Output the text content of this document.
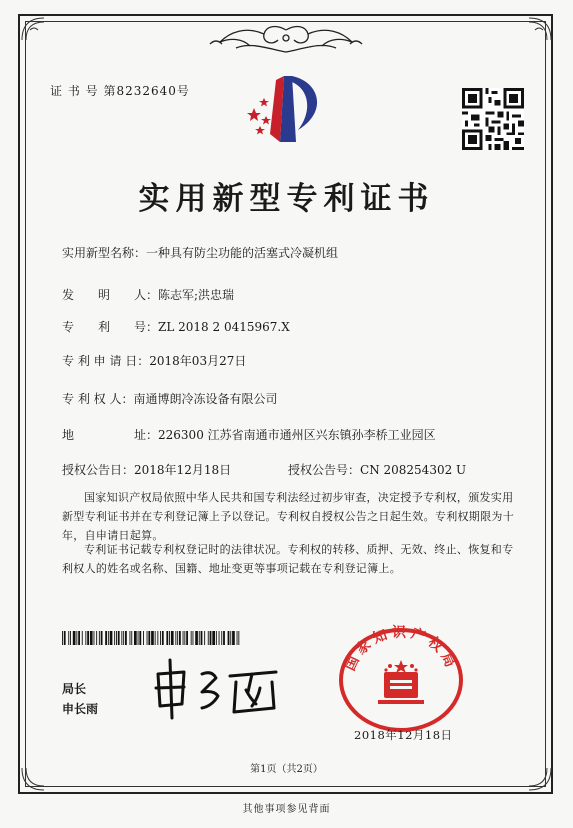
证 书 号 第8232640号
实用新型专利证书
实用新型名称：一种具有防尘功能的活塞式冷凝机组
发　　明　　人：陈志军;洪忠瑞
专　　利　　号：ZL 2018 2 0415967.X
专 利 申 请 日：2018年03月27日
专 利 权 人：南通博朗冷冻设备有限公司
地　　　　　址：226300 江苏省南通市通州区兴东镇孙李桥工业园区
授权公告日：2018年12月18日	授权公告号：CN 208254302 U
国家知识产权局依照中华人民共和国专利法经过初步审查，决定授予专利权，颁发实用新型专利证书并在专利登记簿上予以登记。专利权自授权公告之日起生效。专利权期限为十年，自申请日起算。
专利证书记载专利权登记时的法律状况。专利权的转移、质押、无效、终止、恢复和专利权人的姓名或名称、国籍、地址变更等事项记载在专利登记簿上。
局长
申长雨
国家知识产权局
2018年12月18日
第1页（共2页）
其他事项参见背面
